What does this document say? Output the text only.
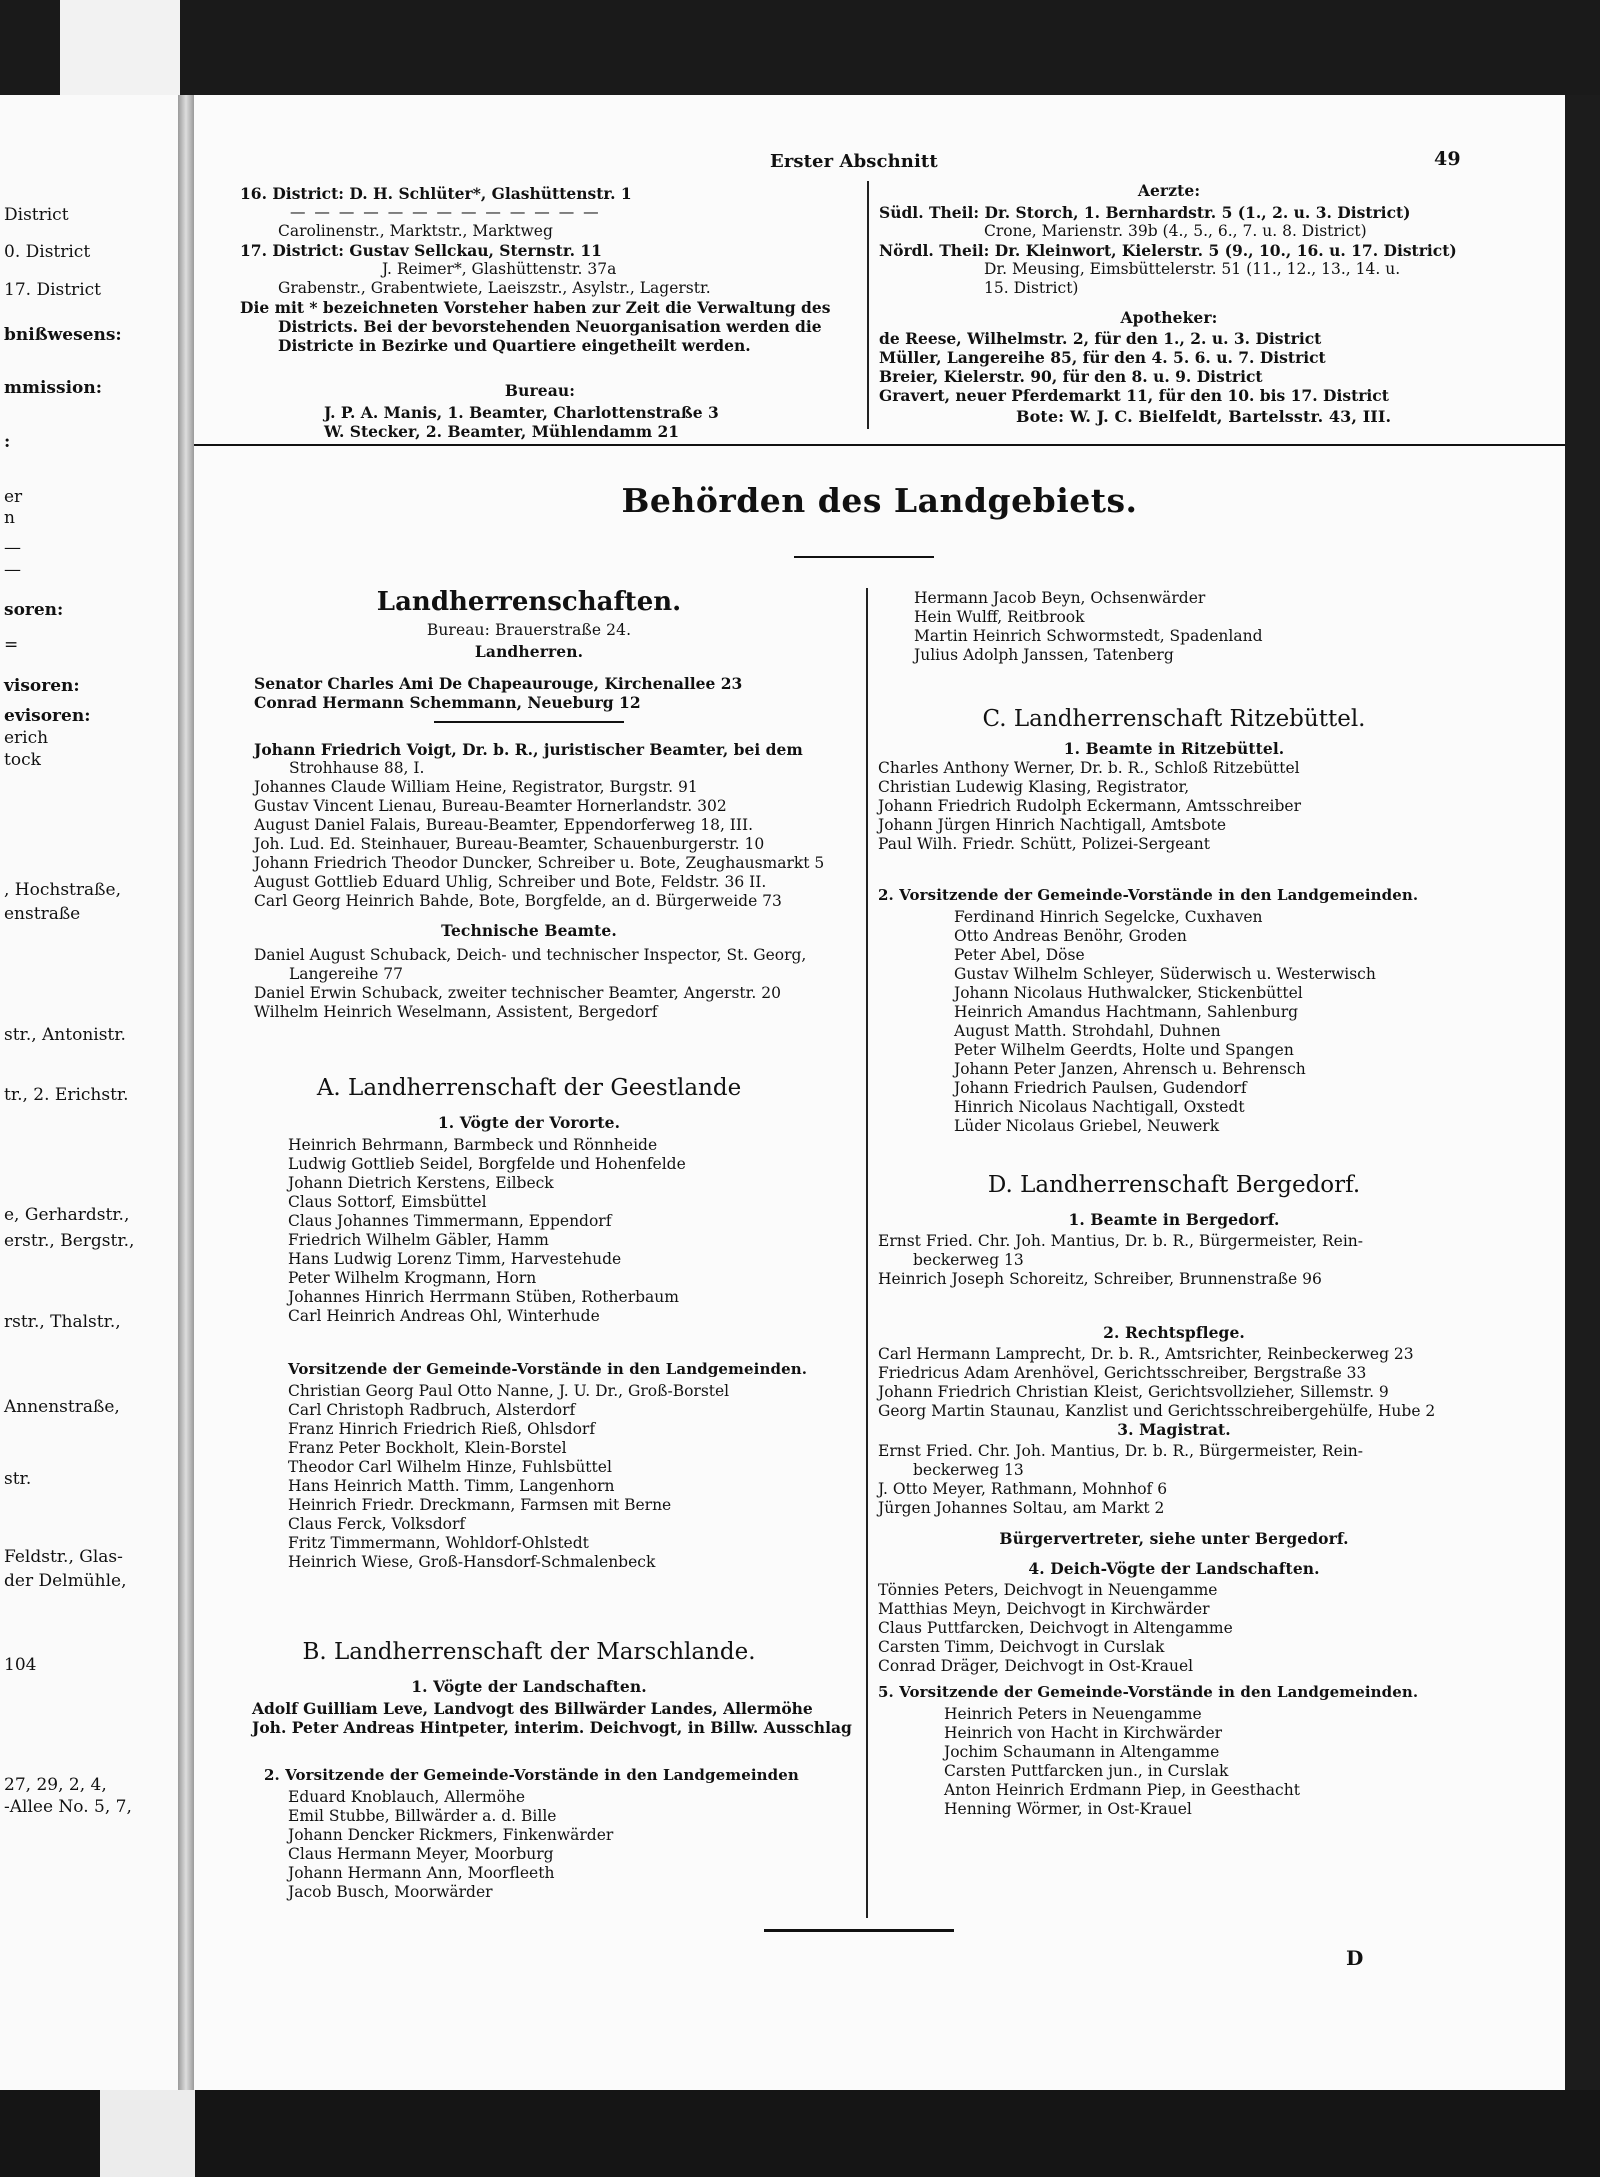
District
0. District
17. District
bnißwesens:
mmission:
:
er
n
—
—
soren:
=
visoren:
evisoren:
erich
tock
, Hochstraße,
enstraße
str., Antonistr.
tr., 2. Erichstr.
e, Gerhardstr.,
erstr., Bergstr.,
rstr., Thalstr.,
Annenstraße,
str.
Feldstr., Glas-
der Delmühle,
104
27, 29, 2, 4,
-Allee No. 5, 7,
Erster Abschnitt	49
16. District: D. H. Schlüter*, Glashüttenstr. 1
— — — — — — — — — — — — —
Carolinenstr., Marktstr., Marktweg
17. District: Gustav Sellckau, Sternstr. 11
J. Reimer*, Glashüttenstr. 37a
Grabenstr., Grabentwiete, Laeiszstr., Asylstr., Lagerstr.
Die mit * bezeichneten Vorsteher haben zur Zeit die Verwaltung des
Districts. Bei der bevorstehenden Neuorganisation werden die
Districte in Bezirke und Quartiere eingetheilt werden.
Bureau:
J. P. A. Manis, 1. Beamter, Charlottenstraße 3
W. Stecker, 2. Beamter, Mühlendamm 21
Aerzte:
Südl. Theil: Dr. Storch, 1. Bernhardstr. 5 (1., 2. u. 3. District)
Crone, Marienstr. 39b (4., 5., 6., 7. u. 8. District)
Nördl. Theil: Dr. Kleinwort, Kielerstr. 5 (9., 10., 16. u. 17. District)
Dr. Meusing, Eimsbüttelerstr. 51 (11., 12., 13., 14. u.
15. District)
Apotheker:
de Reese, Wilhelmstr. 2, für den 1., 2. u. 3. District
Müller, Langereihe 85, für den 4. 5. 6. u. 7. District
Breier, Kielerstr. 90, für den 8. u. 9. District
Gravert, neuer Pferdemarkt 11, für den 10. bis 17. District
Bote: W. J. C. Bielfeldt, Bartelsstr. 43, III.
Behörden des Landgebiets.
Landherrenschaften.
Bureau: Brauerstraße 24.
Landherren.
Senator Charles Ami De Chapeaurouge, Kirchenallee 23
Conrad Hermann Schemmann, Neueburg 12
Johann Friedrich Voigt, Dr. b. R., juristischer Beamter, bei dem
Strohhause 88, I.
Johannes Claude William Heine, Registrator, Burgstr. 91
Gustav Vincent Lienau, Bureau-Beamter Hornerlandstr. 302
August Daniel Falais, Bureau-Beamter, Eppendorferweg 18, III.
Joh. Lud. Ed. Steinhauer, Bureau-Beamter, Schauenburgerstr. 10
Johann Friedrich Theodor Duncker, Schreiber u. Bote, Zeughausmarkt 5
August Gottlieb Eduard Uhlig, Schreiber und Bote, Feldstr. 36 II.
Carl Georg Heinrich Bahde, Bote, Borgfelde, an d. Bürgerweide 73
Technische Beamte.
Daniel August Schuback, Deich- und technischer Inspector, St. Georg,
Langereihe 77
Daniel Erwin Schuback, zweiter technischer Beamter, Angerstr. 20
Wilhelm Heinrich Weselmann, Assistent, Bergedorf
A. Landherrenschaft der Geestlande
1. Vögte der Vororte.
Heinrich Behrmann, Barmbeck und Rönnheide
Ludwig Gottlieb Seidel, Borgfelde und Hohenfelde
Johann Dietrich Kerstens, Eilbeck
Claus Sottorf, Eimsbüttel
Claus Johannes Timmermann, Eppendorf
Friedrich Wilhelm Gäbler, Hamm
Hans Ludwig Lorenz Timm, Harvestehude
Peter Wilhelm Krogmann, Horn
Johannes Hinrich Herrmann Stüben, Rotherbaum
Carl Heinrich Andreas Ohl, Winterhude
Vorsitzende der Gemeinde-Vorstände in den Landgemeinden.
Christian Georg Paul Otto Nanne, J. U. Dr., Groß-Borstel
Carl Christoph Radbruch, Alsterdorf
Franz Hinrich Friedrich Rieß, Ohlsdorf
Franz Peter Bockholt, Klein-Borstel
Theodor Carl Wilhelm Hinze, Fuhlsbüttel
Hans Heinrich Matth. Timm, Langenhorn
Heinrich Friedr. Dreckmann, Farmsen mit Berne
Claus Ferck, Volksdorf
Fritz Timmermann, Wohldorf-Ohlstedt
Heinrich Wiese, Groß-Hansdorf-Schmalenbeck
B. Landherrenschaft der Marschlande.
1. Vögte der Landschaften.
Adolf Guilliam Leve, Landvogt des Billwärder Landes, Allermöhe
Joh. Peter Andreas Hintpeter, interim. Deichvogt, in Billw. Ausschlag
2. Vorsitzende der Gemeinde-Vorstände in den Landgemeinden
Eduard Knoblauch, Allermöhe
Emil Stubbe, Billwärder a. d. Bille
Johann Dencker Rickmers, Finkenwärder
Claus Hermann Meyer, Moorburg
Johann Hermann Ann, Moorfleeth
Jacob Busch, Moorwärder
Hermann Jacob Beyn, Ochsenwärder
Hein Wulff, Reitbrook
Martin Heinrich Schwormstedt, Spadenland
Julius Adolph Janssen, Tatenberg
C. Landherrenschaft Ritzebüttel.
1. Beamte in Ritzebüttel.
Charles Anthony Werner, Dr. b. R., Schloß Ritzebüttel
Christian Ludewig Klasing, Registrator,
Johann Friedrich Rudolph Eckermann, Amtsschreiber
Johann Jürgen Hinrich Nachtigall, Amtsbote
Paul Wilh. Friedr. Schütt, Polizei-Sergeant
2. Vorsitzende der Gemeinde-Vorstände in den Landgemeinden.
Ferdinand Hinrich Segelcke, Cuxhaven
Otto Andreas Benöhr, Groden
Peter Abel, Döse
Gustav Wilhelm Schleyer, Süderwisch u. Westerwisch
Johann Nicolaus Huthwalcker, Stickenbüttel
Heinrich Amandus Hachtmann, Sahlenburg
August Matth. Strohdahl, Duhnen
Peter Wilhelm Geerdts, Holte und Spangen
Johann Peter Janzen, Ahrensch u. Behrensch
Johann Friedrich Paulsen, Gudendorf
Hinrich Nicolaus Nachtigall, Oxstedt
Lüder Nicolaus Griebel, Neuwerk
D. Landherrenschaft Bergedorf.
1. Beamte in Bergedorf.
Ernst Fried. Chr. Joh. Mantius, Dr. b. R., Bürgermeister, Rein-
beckerweg 13
Heinrich Joseph Schoreitz, Schreiber, Brunnenstraße 96
2. Rechtspflege.
Carl Hermann Lamprecht, Dr. b. R., Amtsrichter, Reinbeckerweg 23
Friedricus Adam Arenhövel, Gerichtsschreiber, Bergstraße 33
Johann Friedrich Christian Kleist, Gerichtsvollzieher, Sillemstr. 9
Georg Martin Staunau, Kanzlist und Gerichtsschreibergehülfe, Hube 2
3. Magistrat.
Ernst Fried. Chr. Joh. Mantius, Dr. b. R., Bürgermeister, Rein-
beckerweg 13
J. Otto Meyer, Rathmann, Mohnhof 6
Jürgen Johannes Soltau, am Markt 2
Bürgervertreter, siehe unter Bergedorf.
4. Deich-Vögte der Landschaften.
Tönnies Peters, Deichvogt in Neuengamme
Matthias Meyn, Deichvogt in Kirchwärder
Claus Puttfarcken, Deichvogt in Altengamme
Carsten Timm, Deichvogt in Curslak
Conrad Dräger, Deichvogt in Ost-Krauel
5. Vorsitzende der Gemeinde-Vorstände in den Landgemeinden.
Heinrich Peters in Neuengamme
Heinrich von Hacht in Kirchwärder
Jochim Schaumann in Altengamme
Carsten Puttfarcken jun., in Curslak
Anton Heinrich Erdmann Piep, in Geesthacht
Henning Wörmer, in Ost-Krauel
D
